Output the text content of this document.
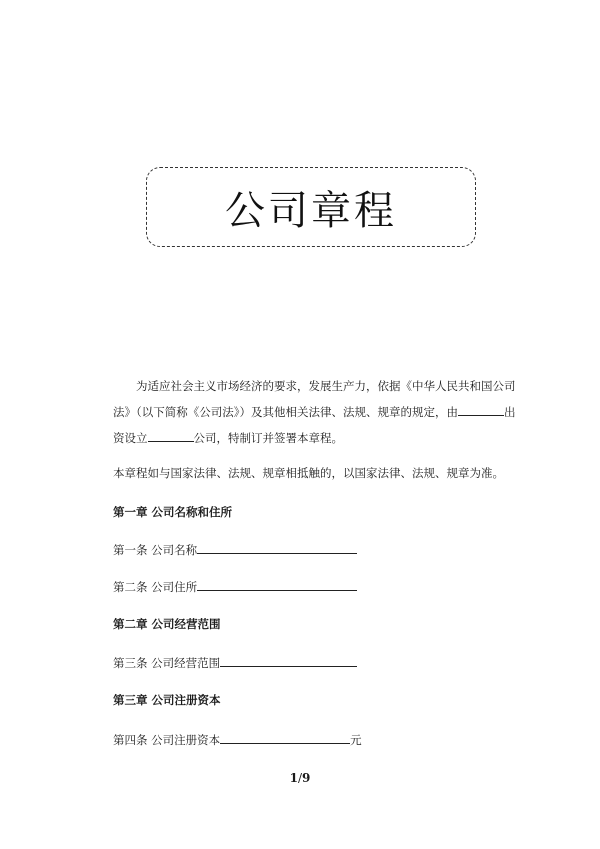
公司章程

为适应社会主义市场经济的要求，发展生产力，依据《中华人民共和国公司法》（以下简称《公司法》）及其他相关法律、法规、规章的规定，由	出资设立	公司，特制订并签署本章程。

本章程如与国家法律、法规、规章相抵触的，以国家法律、法规、规章为准。

第一章 公司名称和住所
第一条 公司名称
第二条 公司住所
第二章 公司经营范围
第三条 公司经营范围
第三章 公司注册资本
第四条 公司注册资本	元
1/9
